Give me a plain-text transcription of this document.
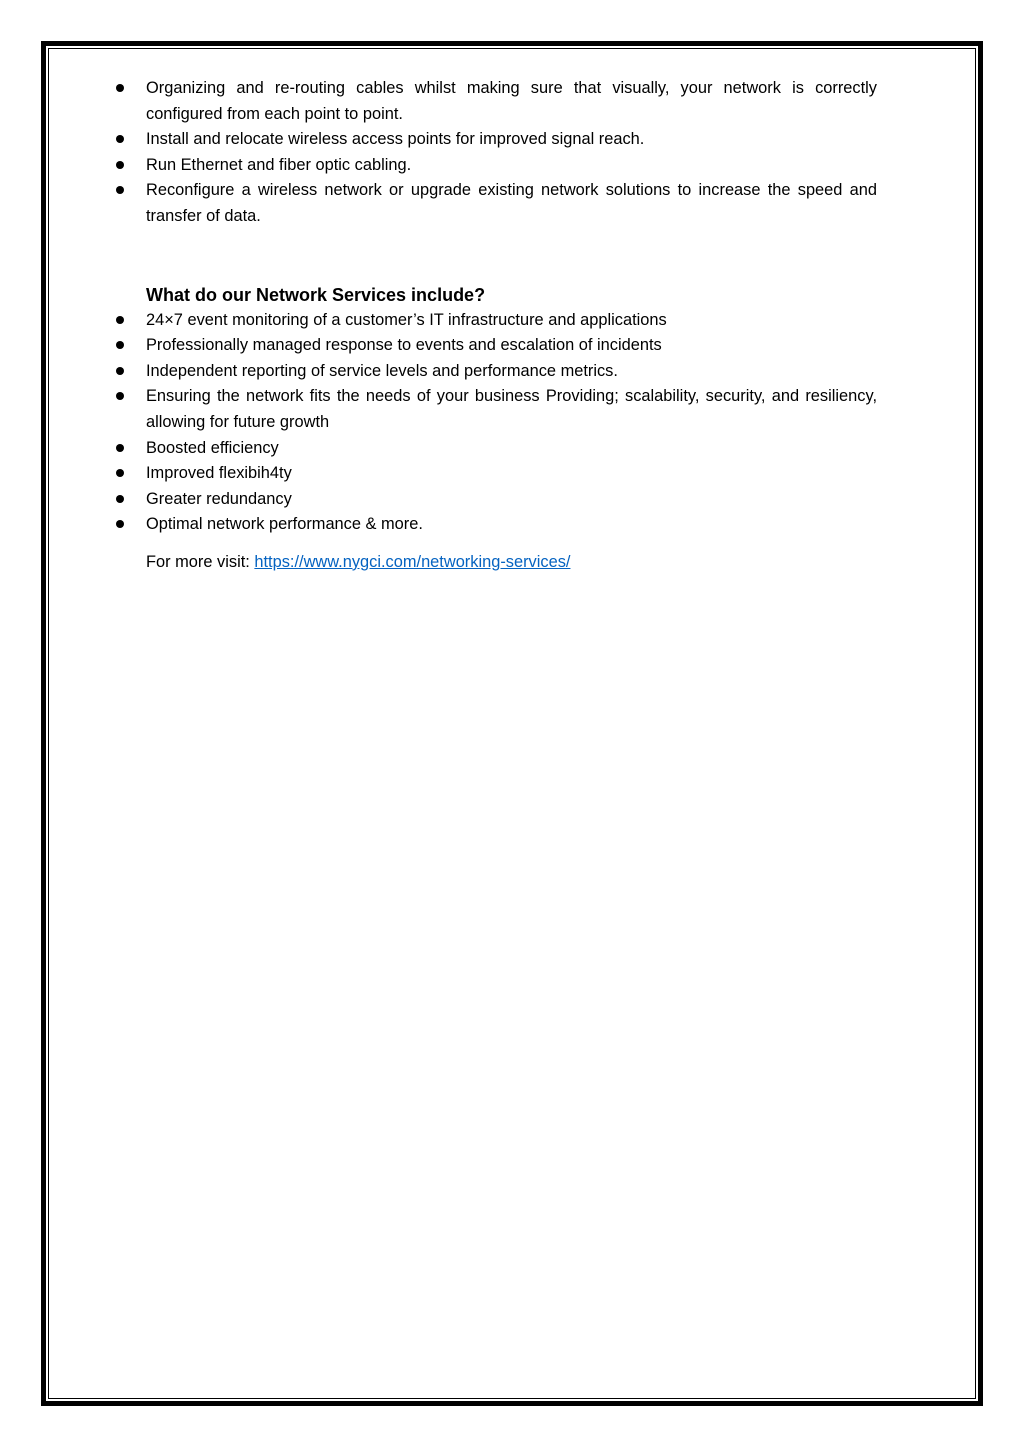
Organizing and re-routing cables whilst making sure that visually, your network is correctly configured from each point to point.
Install and relocate wireless access points for improved signal reach.
Run Ethernet and fiber optic cabling.
Reconfigure a wireless network or upgrade existing network solutions to increase the speed and transfer of data.
What do our Network Services include?
24×7 event monitoring of a customer’s IT infrastructure and applications
Professionally managed response to events and escalation of incidents
Independent reporting of service levels and performance metrics.
Ensuring the network fits the needs of your business Providing; scalability, security, and resiliency, allowing for future growth
Boosted efficiency
Improved flexibih4ty
Greater redundancy
Optimal network performance & more.
For more visit: https://www.nygci.com/networking-services/
